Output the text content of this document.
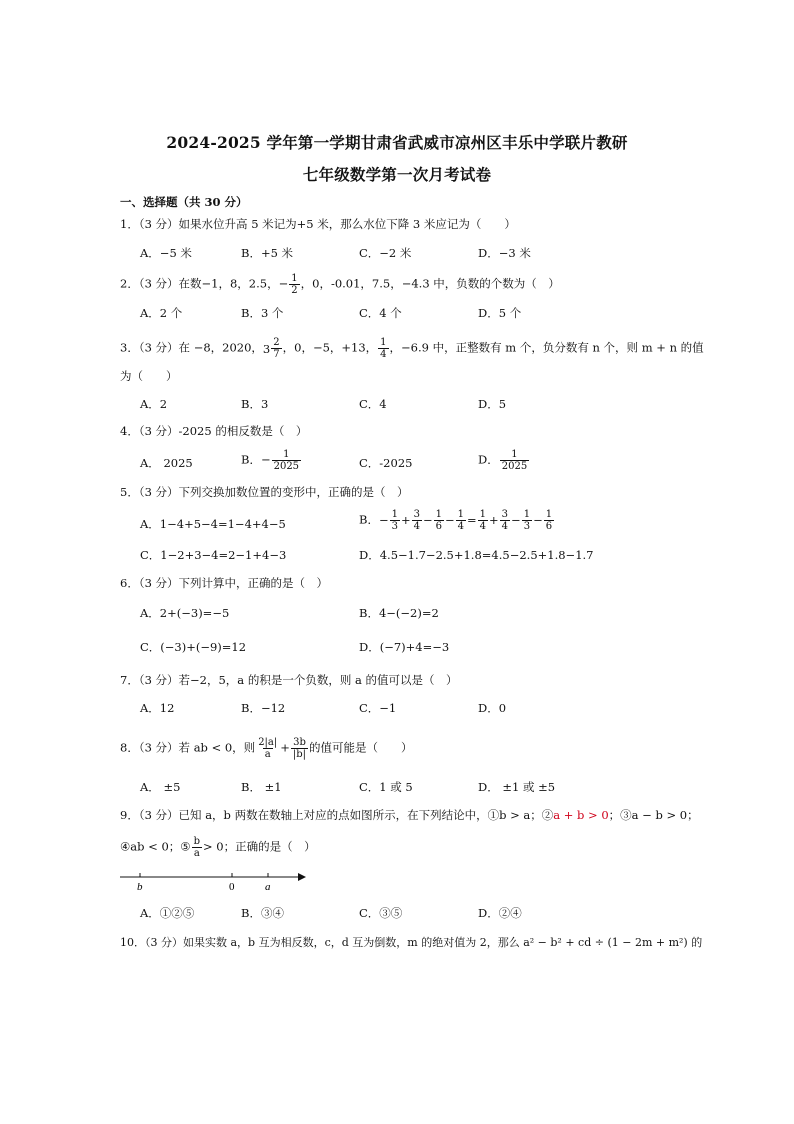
2024-2025 学年第一学期甘肃省武威市凉州区丰乐中学联片教研
七年级数学第一次月考试卷
一、选择题（共 30 分）
1．（3 分）如果水位升高 5 米记为+5 米，那么水位下降 3 米应记为（　　）
A．−5 米	B．+5 米	C．−2 米	D．−3 米
2．（3 分）在数−1，8，2.5，− $\frac{1}{2}$ ，0，-0.01，7.5，−4.3 中，负数的个数为（　）
A．2 个	B．3 个	C．4 个	D．5 个
3．（3 分）在 −8，2020， $3 \frac{2}{7}$ ，0，−5，+13， $\frac{1}{4}$ ，−6.9 中，正整数有 m 个，负分数有 n 个，则 m + n 的值
为（　　）
A．2	B．3	C．4	D．5
4．（3 分）-2025 的相反数是（　）
A． 2025	B．− $\frac{1}{2025}$	C．-2025	D． $\frac{1}{2025}$
5．（3 分）下列交换加数位置的变形中，正确的是（　）
A．1−4+5−4=1−4+4−5	B．− $\frac{1}{3} + \frac{3}{4} - \frac{1}{6} - \frac{1}{4} = \frac{1}{4} + \frac{3}{4} - \frac{1}{3} - \frac{1}{6}$
C．1−2+3−4=2−1+4−3	D．4.5−1.7−2.5+1.8=4.5−2.5+1.8−1.7
6．（3 分）下列计算中，正确的是（　）
A．2+(−3)=−5	B．4−(−2)=2
C．(−3)+(−9)=12	D．(−7)+4=−3
7．（3 分）若−2，5，a 的积是一个负数，则 a 的值可以是（　）
A．12	B．−12	C．−1	D．0
8．（3 分）若 ab < 0，则 $\frac{2|a|}{a} + \frac{3b}{|b|}$ 的值可能是（　　）
A． ±5	B． ±1	C．1 或 5	D． ±1 或 ±5
9．（3 分）已知 a，b 两数在数轴上对应的点如图所示，在下列结论中，①b > a；②a + b > 0；③a − b > 0；
④ab < 0；⑤ $\frac{b}{a} > 0$；正确的是（　）
b	0	a
A．①②⑤	B．③④	C．③⑤	D．②④
10．（3 分）如果实数 a，b 互为相反数，c，d 互为倒数，m 的绝对值为 2，那么 a² − b² + cd ÷ (1 − 2m + m²) 的
